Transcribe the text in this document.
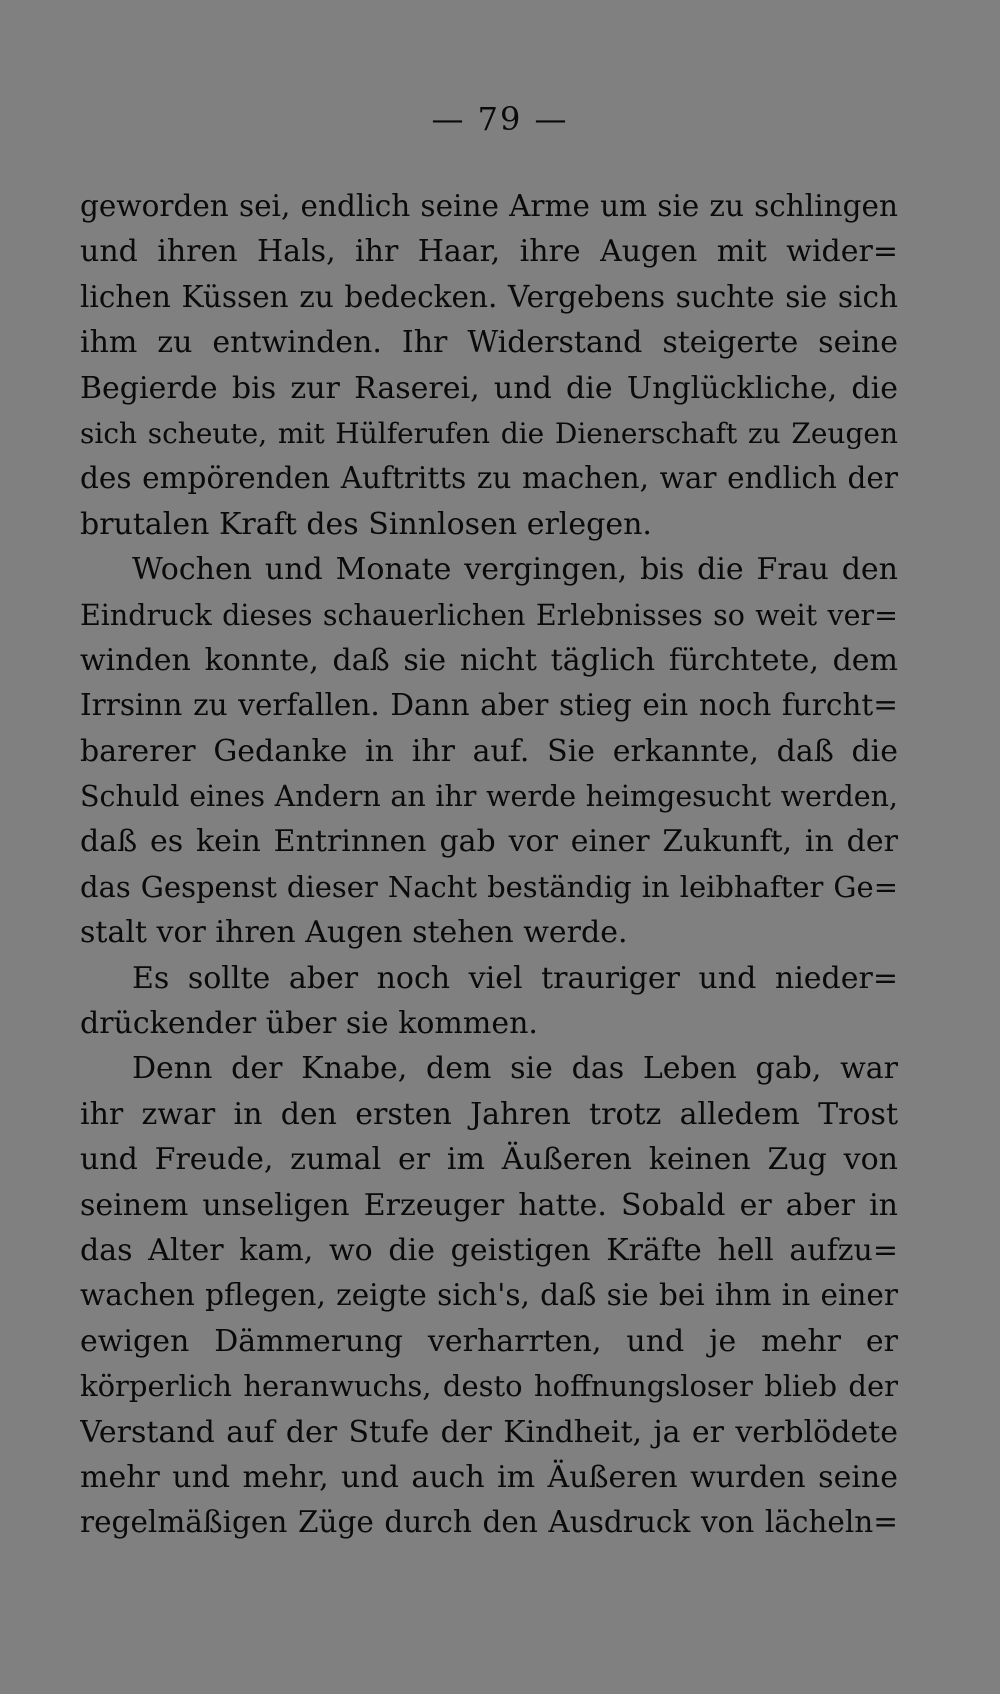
— 79 —
geworden sei, endlich seine Arme um sie zu schlingen
und ihren Hals, ihr Haar, ihre Augen mit wider=
lichen Küssen zu bedecken. Vergebens suchte sie sich
ihm zu entwinden. Ihr Widerstand steigerte seine
Begierde bis zur Raserei, und die Unglückliche, die
sich scheute, mit Hülferufen die Dienerschaft zu Zeugen
des empörenden Auftritts zu machen, war endlich der
brutalen Kraft des Sinnlosen erlegen.
Wochen und Monate vergingen, bis die Frau den
Eindruck dieses schauerlichen Erlebnisses so weit ver=
winden konnte, daß sie nicht täglich fürchtete, dem
Irrsinn zu verfallen. Dann aber stieg ein noch furcht=
barerer Gedanke in ihr auf. Sie erkannte, daß die
Schuld eines Andern an ihr werde heimgesucht werden,
daß es kein Entrinnen gab vor einer Zukunft, in der
das Gespenst dieser Nacht beständig in leibhafter Ge=
stalt vor ihren Augen stehen werde.
Es sollte aber noch viel trauriger und nieder=
drückender über sie kommen.
Denn der Knabe, dem sie das Leben gab, war
ihr zwar in den ersten Jahren trotz alledem Trost
und Freude, zumal er im Äußeren keinen Zug von
seinem unseligen Erzeuger hatte. Sobald er aber in
das Alter kam, wo die geistigen Kräfte hell aufzu=
wachen pflegen, zeigte sich's, daß sie bei ihm in einer
ewigen Dämmerung verharrten, und je mehr er
körperlich heranwuchs, desto hoffnungsloser blieb der
Verstand auf der Stufe der Kindheit, ja er verblödete
mehr und mehr, und auch im Äußeren wurden seine
regelmäßigen Züge durch den Ausdruck von lächeln=
